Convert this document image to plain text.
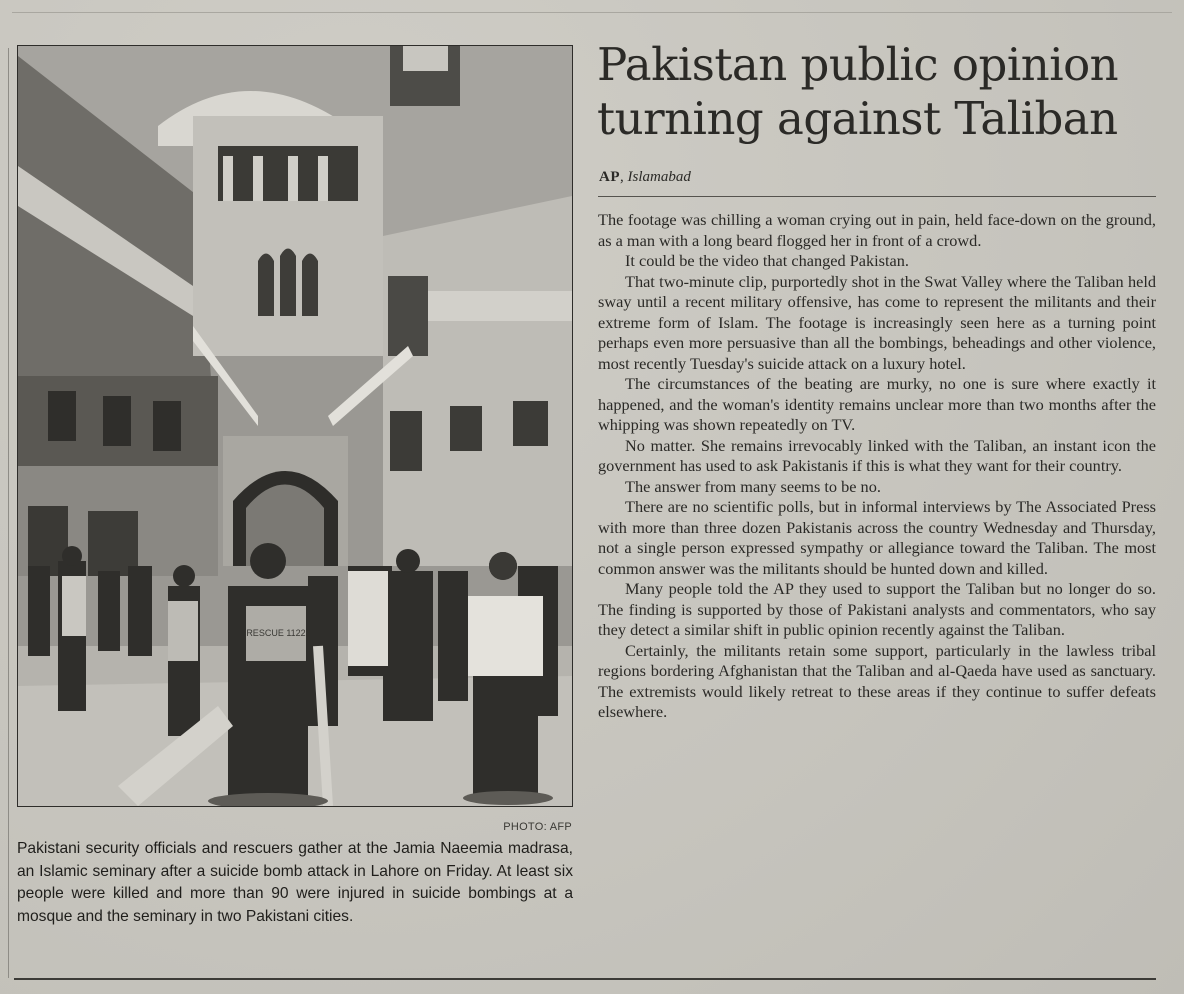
RESCUE 1122
PHOTO: AFP

Pakistani security officials and rescuers gather at the Jamia Naeemia madrasa, an Islamic seminary after a suicide bomb attack in Lahore on Friday. At least six people were killed and more than 90 were injured in suicide bombings at a mosque and the seminary in two Pakistani cities.

Pakistan public opinion turning against Taliban
AP, Islamabad

The footage was chilling a woman crying out in pain, held face-down on the ground, as a man with a long beard flogged her in front of a crowd.

It could be the video that changed Pakistan.

That two-minute clip, purportedly shot in the Swat Valley where the Taliban held sway until a recent military offensive, has come to represent the militants and their extreme form of Islam. The footage is increasingly seen here as a turning point perhaps even more persuasive than all the bombings, beheadings and other violence, most recently Tuesday's suicide attack on a luxury hotel.

The circumstances of the beating are murky, no one is sure where exactly it happened, and the woman's identity remains unclear more than two months after the whipping was shown repeatedly on TV.

No matter. She remains irrevocably linked with the Taliban, an instant icon the government has used to ask Pakistanis if this is what they want for their country.

The answer from many seems to be no.

There are no scientific polls, but in informal interviews by The Associated Press with more than three dozen Pakistanis across the country Wednesday and Thursday, not a single person expressed sympathy or allegiance toward the Taliban. The most common answer was the militants should be hunted down and killed.

Many people told the AP they used to support the Taliban but no longer do so. The finding is supported by those of Pakistani analysts and commentators, who say they detect a similar shift in public opinion recently against the Taliban.

Certainly, the militants retain some support, particularly in the lawless tribal regions bordering Afghanistan that the Taliban and al-Qaeda have used as sanctuary. The extremists would likely retreat to these areas if they continue to suffer defeats elsewhere.
